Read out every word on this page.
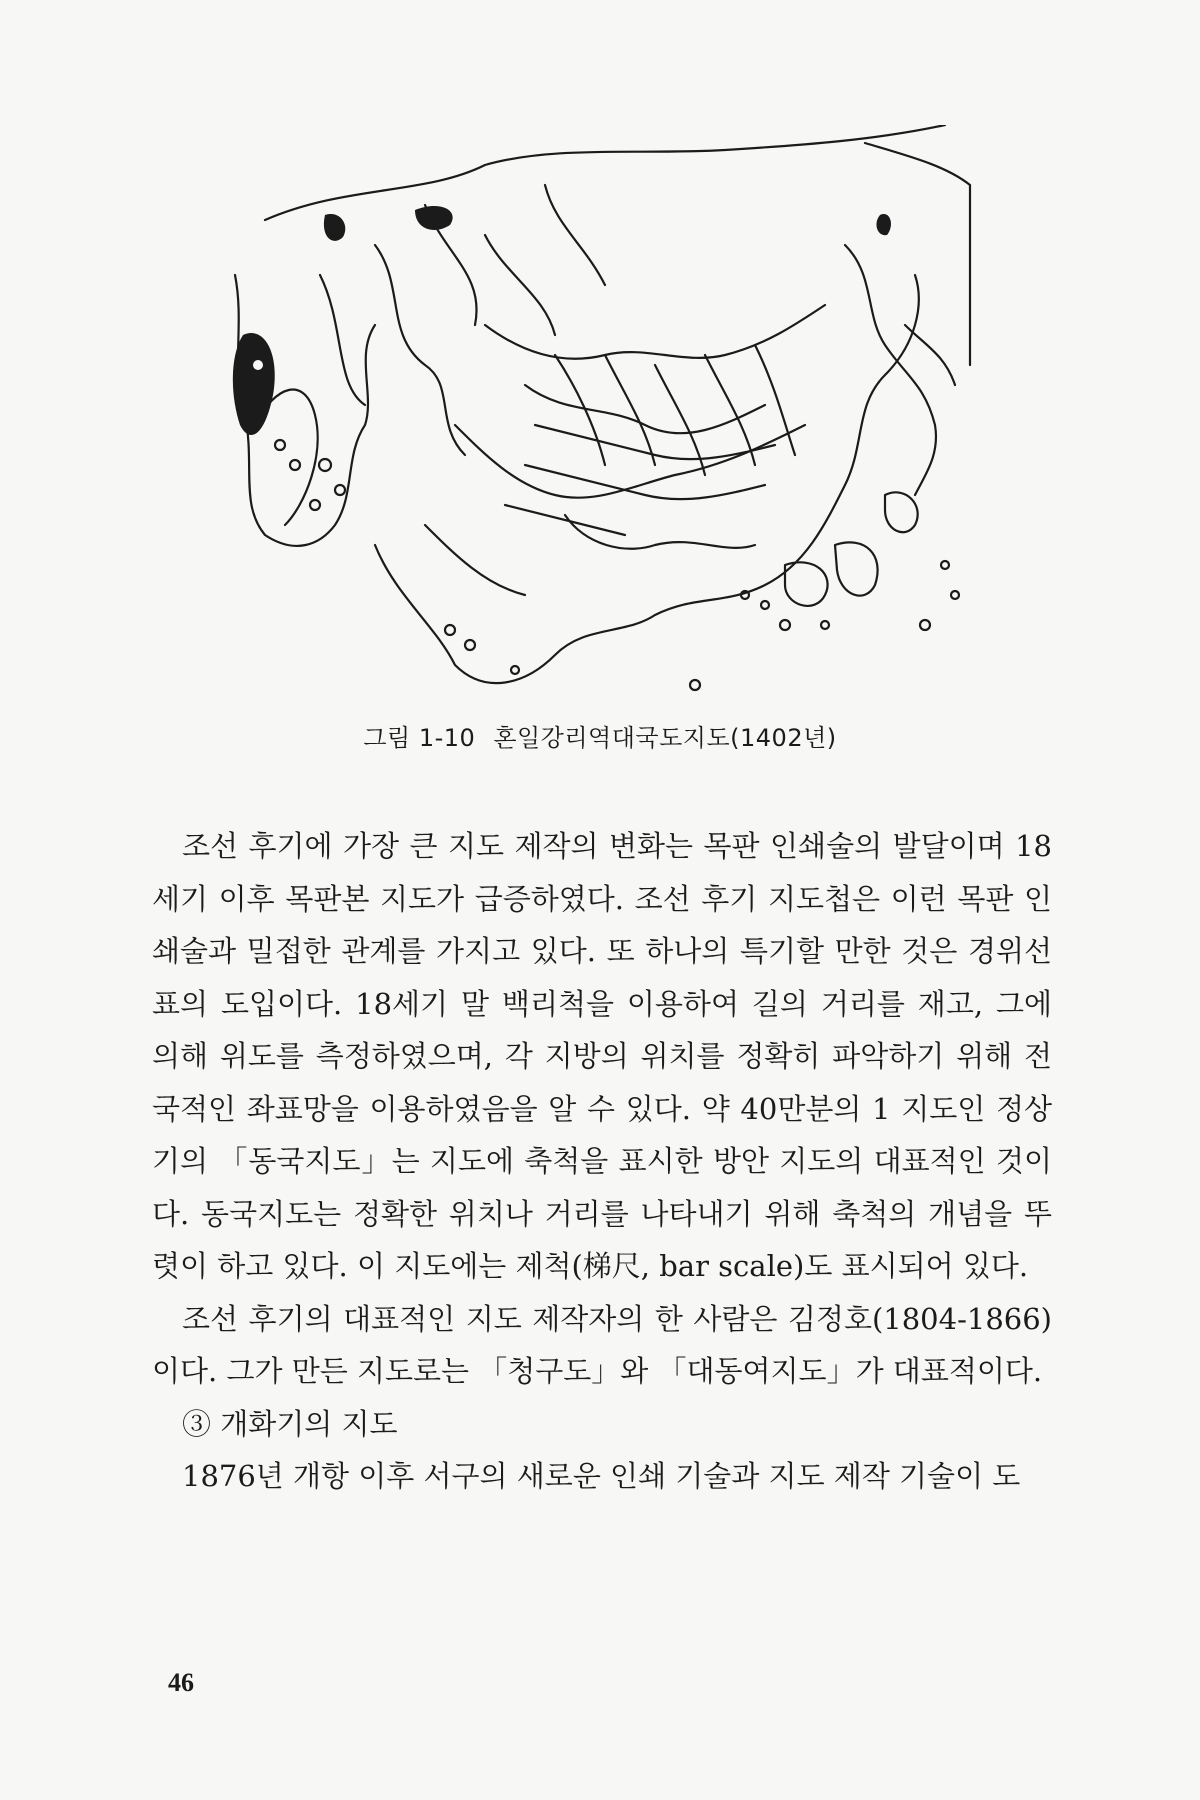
그림 1-10 혼일강리역대국도지도(1402년)

조선 후기에 가장 큰 지도 제작의 변화는 목판 인쇄술의 발달이며 18세기 이후 목판본 지도가 급증하였다. 조선 후기 지도첩은 이런 목판 인쇄술과 밀접한 관계를 가지고 있다. 또 하나의 특기할 만한 것은 경위선 표의 도입이다. 18세기 말 백리척을 이용하여 길의 거리를 재고, 그에 의해 위도를 측정하였으며, 각 지방의 위치를 정확히 파악하기 위해 전국적인 좌표망을 이용하였음을 알 수 있다. 약 40만분의 1 지도인 정상기의 「동국지도」는 지도에 축척을 표시한 방안 지도의 대표적인 것이다. 동국지도는 정확한 위치나 거리를 나타내기 위해 축척의 개념을 뚜렷이 하고 있다. 이 지도에는 제척(梯尺, bar scale)도 표시되어 있다.

조선 후기의 대표적인 지도 제작자의 한 사람은 김정호(1804-1866)이다. 그가 만든 지도로는 「청구도」와 「대동여지도」가 대표적이다.

③ 개화기의 지도

1876년 개항 이후 서구의 새로운 인쇄 기술과 지도 제작 기술이 도

46
